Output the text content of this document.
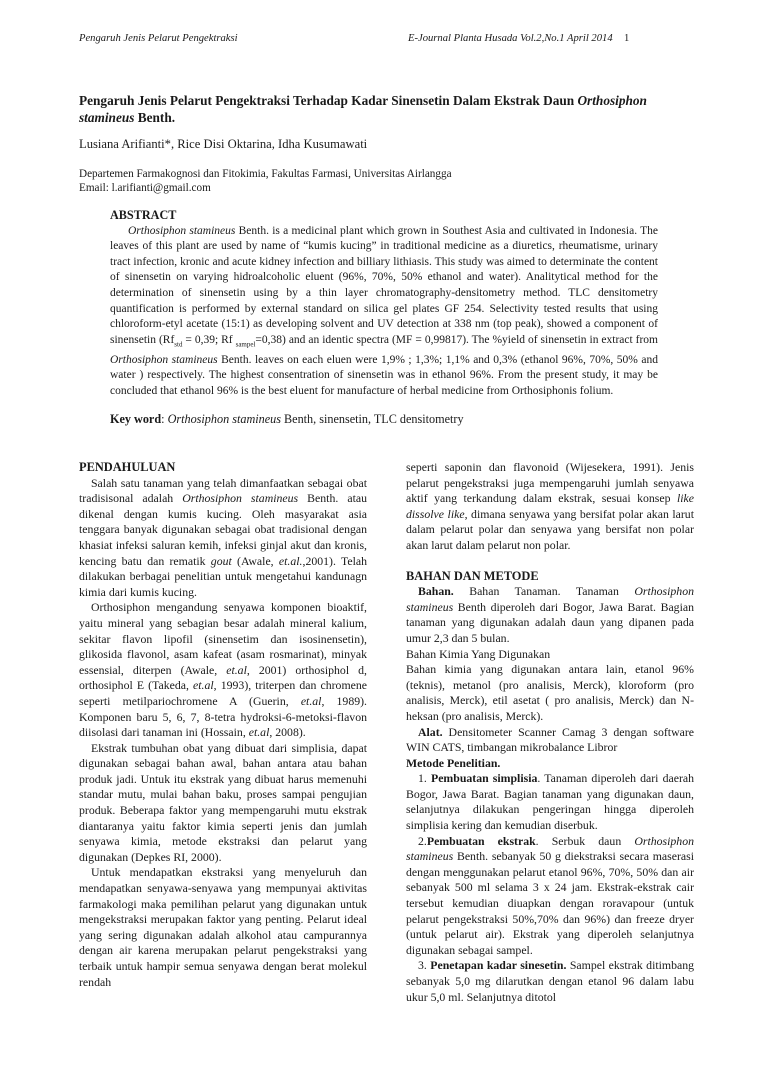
Pengaruh Jenis Pelarut Pengektraksi	E-Journal Planta Husada Vol.2,No.1 April 2014 1
Pengaruh Jenis Pelarut Pengektraksi Terhadap Kadar Sinensetin Dalam Ekstrak Daun Orthosiphon stamineus Benth.
Lusiana Arifianti*, Rice Disi Oktarina, Idha Kusumawati
Departemen Farmakognosi dan Fitokimia, Fakultas Farmasi, Universitas Airlangga
Email: l.arifianti@gmail.com
ABSTRACT
Orthosiphon stamineus Benth. is a medicinal plant which grown in Southest Asia and cultivated in Indonesia. The leaves of this plant are used by name of “kumis kucing” in traditional medicine as a diuretics, rheumatisme, urinary tract infection, kronic and acute kidney infection and billiary lithiasis. This study was aimed to determinate the content of sinensetin on varying hidroalcoholic eluent (96%, 70%, 50% ethanol and water). Analitytical method for the determination of sinensetin using by a thin layer chromatography-densitometry method. TLC densitometry quantification is performed by external standard on silica gel plates GF 254. Selectivity tested results that using chloroform-etyl acetate (15:1) as developing solvent and UV detection at 338 nm (top peak), showed a component of sinensetin ($Rf_{std} = 0,39$; Rf $_{sampel}$=0,38) and an identic spectra (MF = 0,99817). The %yield of sinensetin in extract from Orthosiphon stamineus Benth. leaves on each eluen were 1,9% ; 1,3%; 1,1% and 0,3% (ethanol 96%, 70%, 50% and water ) respectively. The highest consentration of sinensetin was in ethanol 96%. From the present study, it may be concluded that ethanol 96% is the best eluent for manufacture of herbal medicine from Orthosiphonis folium.
Key word: Orthosiphon stamineus Benth, sinensetin, TLC densitometry
PENDAHULUAN

Salah satu tanaman yang telah dimanfaatkan sebagai obat tradisisonal adalah Orthosiphon stamineus Benth. atau dikenal dengan kumis kucing. Oleh masyarakat asia tenggara banyak digunakan sebagai obat tradisional dengan khasiat infeksi saluran kemih, infeksi ginjal akut dan kronis, kencing batu dan rematik gout (Awale, et.al.,2001). Telah dilakukan berbagai penelitian untuk mengetahui kandunagn kimia dari kumis kucing.

Orthosiphon mengandung senyawa komponen bioaktif, yaitu mineral yang sebagian besar adalah mineral kalium, sekitar flavon lipofil (sinensetim dan isosinensetin), glikosida flavonol, asam kafeat (asam rosmarinat), minyak essensial, diterpen (Awale, et.al, 2001) orthosiphol d, orthosiphol E (Takeda, et.al, 1993), triterpen dan chromene seperti metilpariochromene A (Guerin, et.al, 1989). Komponen baru 5, 6, 7, 8-tetra hydroksi-6-metoksi-flavon diisolasi dari tanaman ini (Hossain, et.al, 2008).

Ekstrak tumbuhan obat yang dibuat dari simplisia, dapat digunakan sebagai bahan awal, bahan antara atau bahan produk jadi. Untuk itu ekstrak yang dibuat harus memenuhi standar mutu, mulai bahan baku, proses sampai pengujian produk. Beberapa faktor yang mempengaruhi mutu ekstrak diantaranya yaitu faktor kimia seperti jenis dan jumlah senyawa kimia, metode ekstraksi dan pelarut yang digunakan (Depkes RI, 2000).

Untuk mendapatkan ekstraksi yang menyeluruh dan mendapatkan senyawa-senyawa yang mempunyai aktivitas farmakologi maka pemilihan pelarut yang digunakan untuk mengekstraksi merupakan faktor yang penting. Pelarut ideal yang sering digunakan adalah alkohol atau campurannya dengan air karena merupakan pelarut pengekstraksi yang terbaik untuk hampir semua senyawa dengan berat molekul rendah

seperti saponin dan flavonoid (Wijesekera, 1991). Jenis pelarut pengekstraksi juga mempengaruhi jumlah senyawa aktif yang terkandung dalam ekstrak, sesuai konsep like dissolve like, dimana senyawa yang bersifat polar akan larut dalam pelarut polar dan senyawa yang bersifat non polar akan larut dalam pelarut non polar.

BAHAN DAN METODE

Bahan. Bahan Tanaman. Tanaman Orthosiphon stamineus Benth diperoleh dari Bogor, Jawa Barat. Bagian tanaman yang digunakan adalah daun yang dipanen pada umur 2,3 dan 5 bulan.

Bahan Kimia Yang Digunakan

Bahan kimia yang digunakan antara lain, etanol 96% (teknis), metanol (pro analisis, Merck), kloroform (pro analisis, Merck), etil asetat ( pro analisis, Merck) dan N-heksan (pro analisis, Merck).

Alat. Densitometer Scanner Camag 3 dengan software WIN CATS, timbangan mikrobalance Libror

Metode Penelitian.

1. Pembuatan simplisia. Tanaman diperoleh dari daerah Bogor, Jawa Barat. Bagian tanaman yang digunakan daun, selanjutnya dilakukan pengeringan hingga diperoleh simplisia kering dan kemudian diserbuk.

2.Pembuatan ekstrak. Serbuk daun Orthosiphon stamineus Benth. sebanyak 50 g diekstraksi secara maserasi dengan menggunakan pelarut etanol 96%, 70%, 50% dan air sebanyak 500 ml selama 3 x 24 jam. Ekstrak-ekstrak cair tersebut kemudian diuapkan dengan roravapour (untuk pelarut pengekstraksi 50%,70% dan 96%) dan freeze dryer (untuk pelarut air). Ekstrak yang diperoleh selanjutnya digunakan sebagai sampel.

3. Penetapan kadar sinesetin. Sampel ekstrak ditimbang sebanyak 5,0 mg dilarutkan dengan etanol 96 dalam labu ukur 5,0 ml. Selanjutnya ditotol
